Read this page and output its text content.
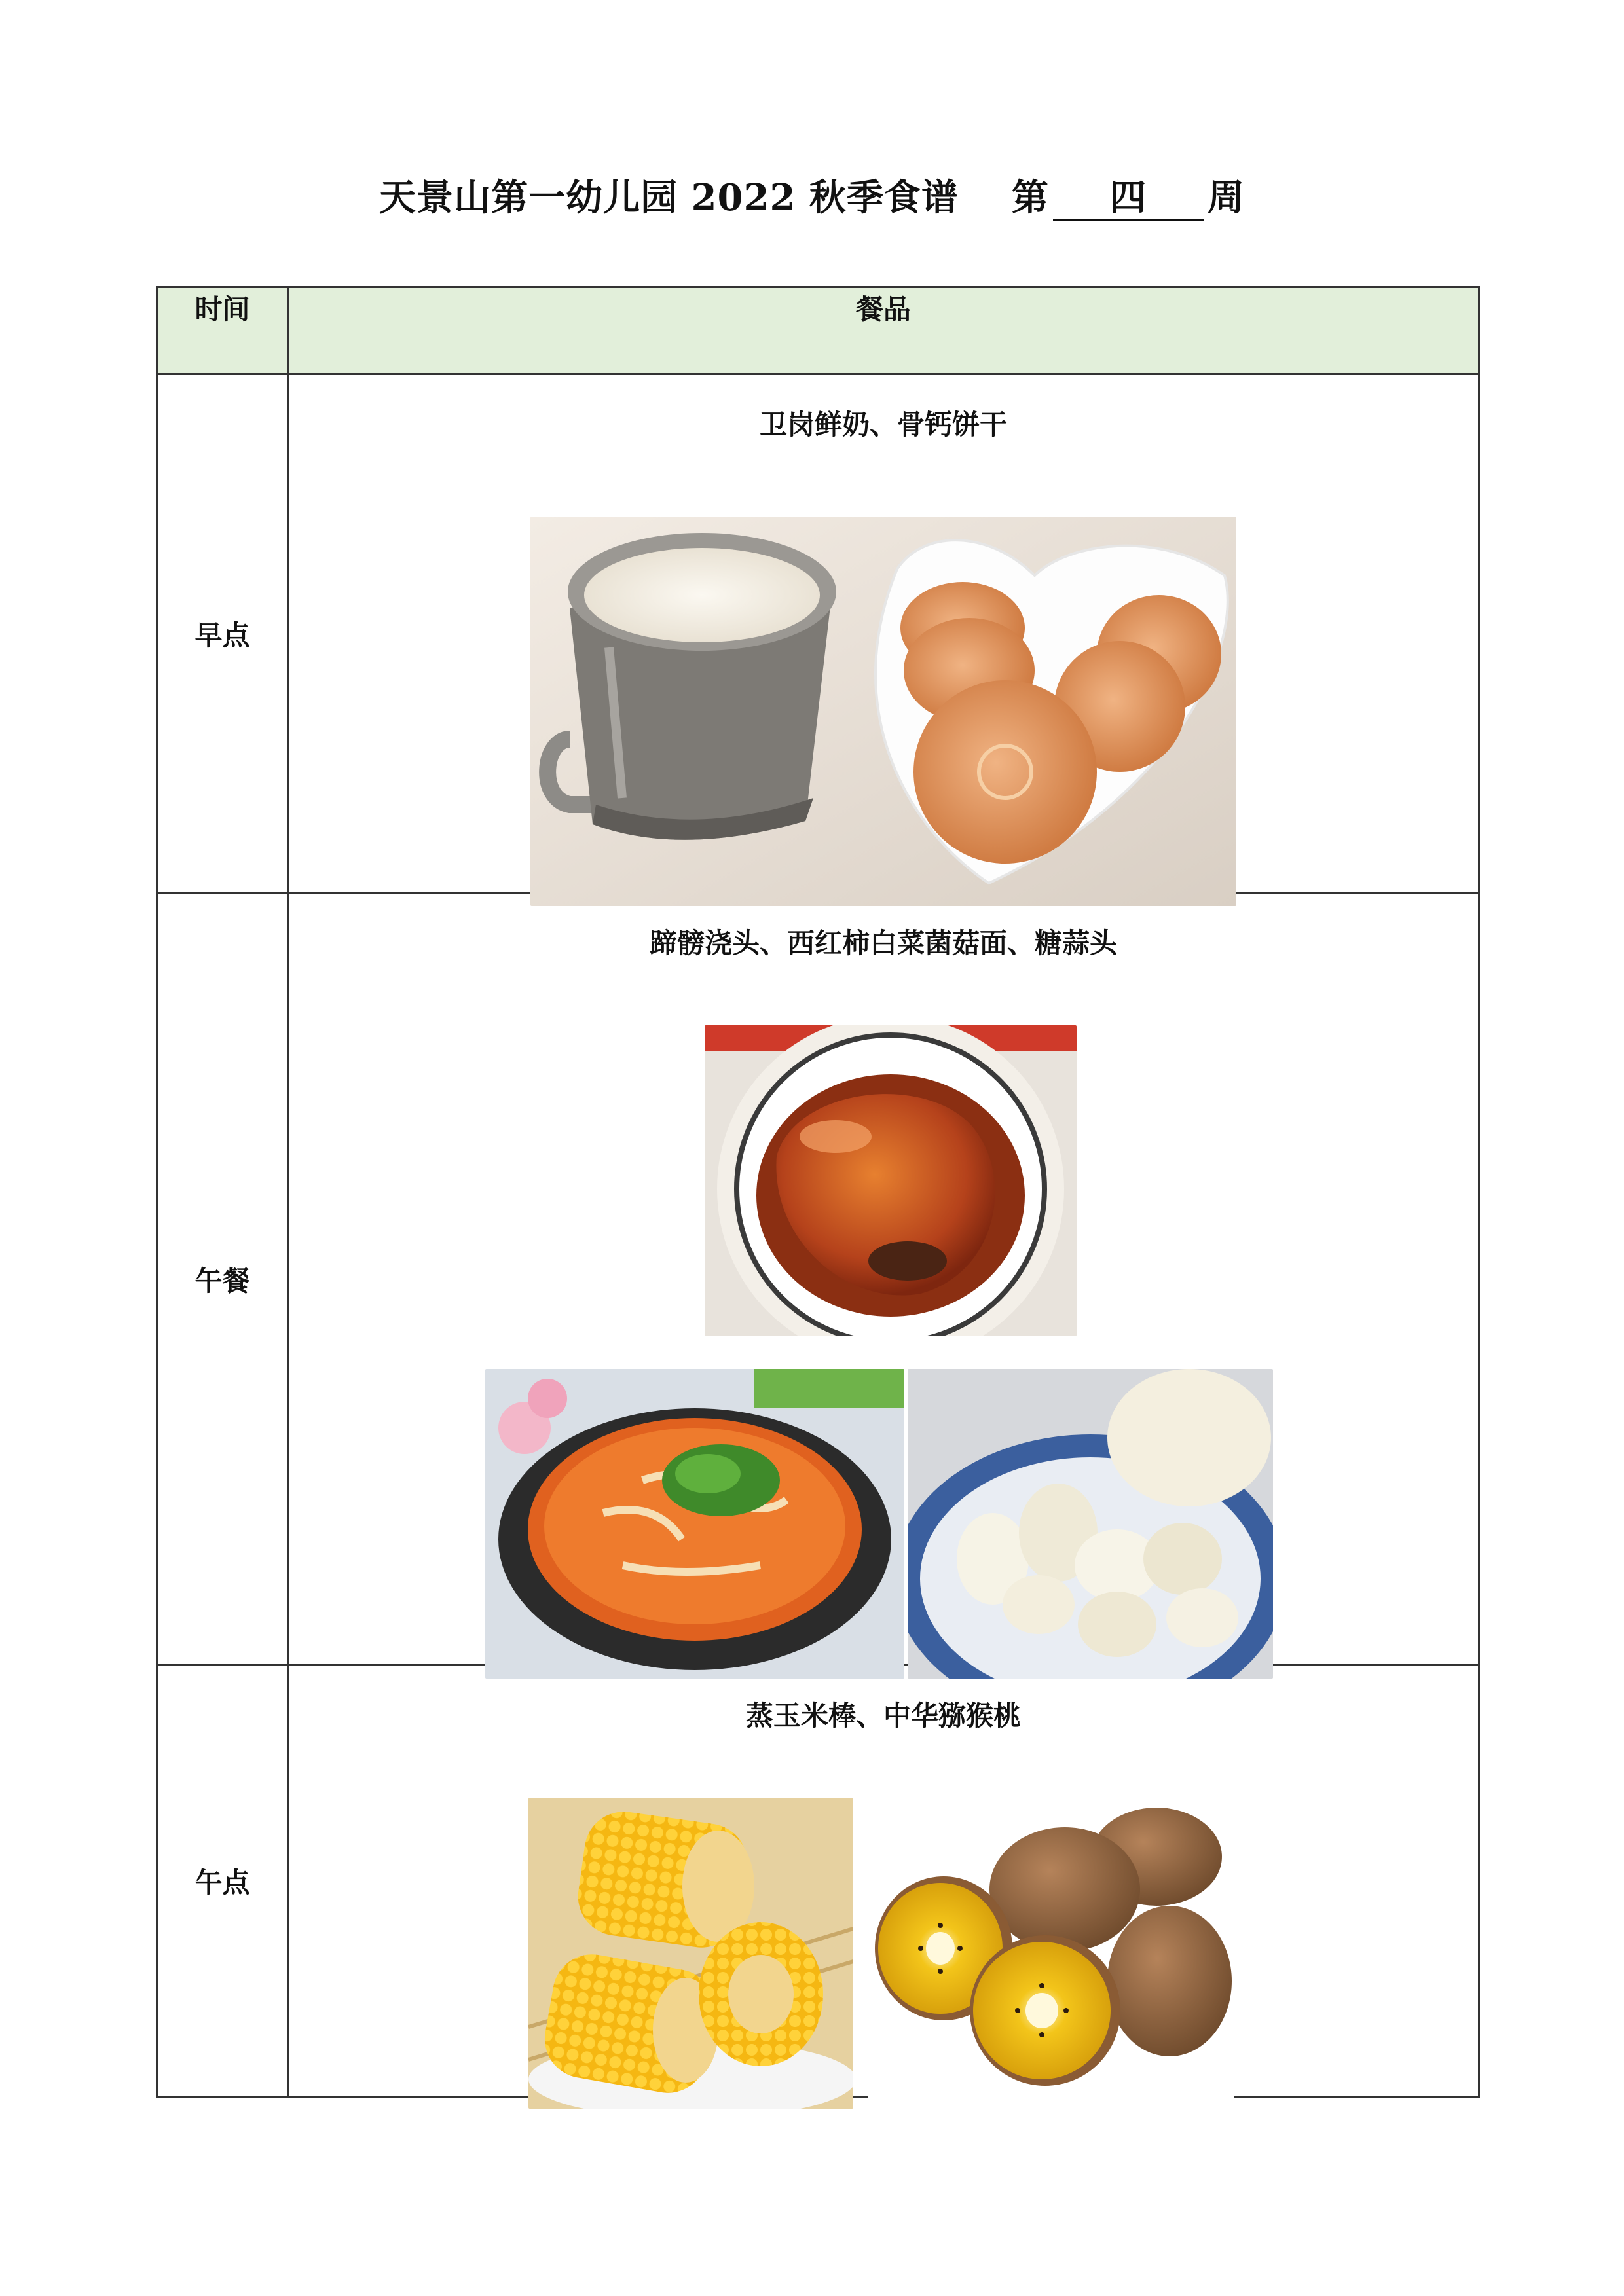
天景山第一幼儿园 2022 秋季食谱 第 四 周
时间	餐品
早点	卫岗鲜奶、骨钙饼干

午餐	蹄髈浇头、西红柿白菜菌菇面、糖蒜头

午点	蒸玉米棒、中华猕猴桃
